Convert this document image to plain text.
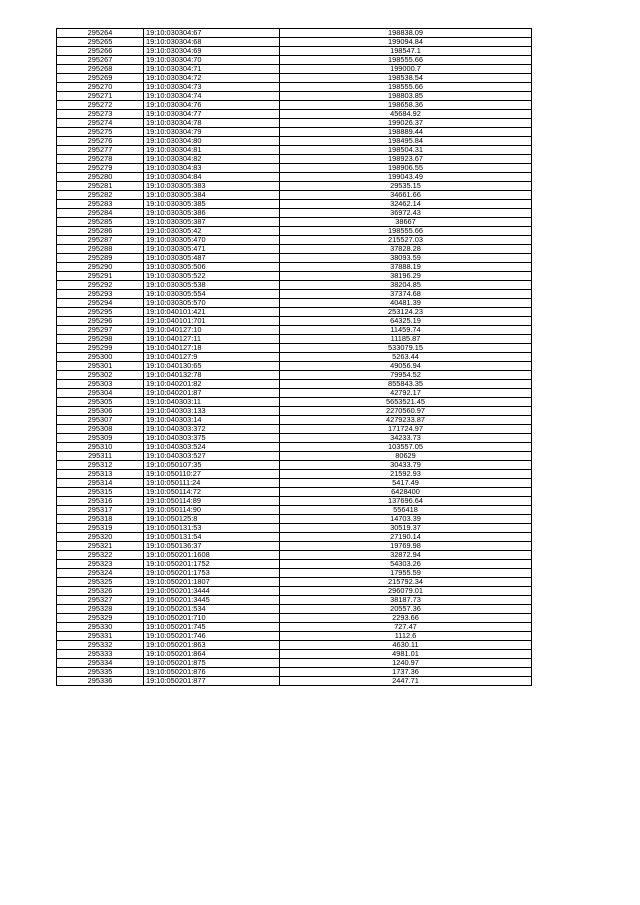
295264	19:10:030304:67	198838.09
295265	19:10:030304:68	199094.84
295266	19:10:030304:69	198547.1
295267	19:10:030304:70	198555.66
295268	19:10:030304:71	199000.7
295269	19:10:030304:72	198538.54
295270	19:10:030304:73	198555.66
295271	19:10:030304:74	198803.85
295272	19:10:030304:76	198658.36
295273	19:10:030304:77	45684.92
295274	19:10:030304:78	199026.37
295275	19:10:030304:79	198889.44
295276	19:10:030304:80	198495.84
295277	19:10:030304:81	198504.31
295278	19:10:030304:82	198923.67
295279	19:10:030304:83	198906.55
295280	19:10:030304:84	199043.49
295281	19:10:030305:383	29535.15
295282	19:10:030305:384	34661.66
295283	19:10:030305:385	32462.14
295284	19:10:030305:386	36972.43
295285	19:10:030305:387	38667
295286	19:10:030305:42	198555.66
295287	19:10:030305:470	215527.03
295288	19:10:030305:471	37828.28
295289	19:10:030305:487	38093.59
295290	19:10:030305:506	37888.19
295291	19:10:030305:522	38196.29
295292	19:10:030305:538	38204.85
295293	19:10:030305:554	37374.68
295294	19:10:030305:570	40481.39
295295	19:10:040101:421	253124.23
295296	19:10:040101:701	64325.19
295297	19:10:040127:10	11459.74
295298	19:10:040127:11	11185.87
295299	19:10:040127:18	533079.15
295300	19:10:040127:9	5263.44
295301	19:10:040130:65	49056.94
295302	19:10:040132:78	79954.52
295303	19:10:040201:82	855843.35
295304	19:10:040201:87	42792.17
295305	19:10:040303:11	5653521.45
295306	19:10:040303:133	2270560.97
295307	19:10:040303:14	4279233.87
295308	19:10:040303:372	171724.97
295309	19:10:040303:375	34233.73
295310	19:10:040303:524	103557.05
295311	19:10:040303:527	80629
295312	19:10:050107:35	30433.79
295313	19:10:050110:27	21592.93
295314	19:10:050111:24	5417.49
295315	19:10:050114:72	6428400
295316	19:10:050114:89	137696.64
295317	19:10:050114:90	556418
295318	19:10:050125:8	14703.39
295319	19:10:050131:53	30519.37
295320	19:10:050131:54	27190.14
295321	19:10:050136:37	19769.98
295322	19:10:050201:1608	32872.94
295323	19:10:050201:1752	54303.26
295324	19:10:050201:1753	17955.59
295325	19:10:050201:1807	215792.34
295326	19:10:050201:3444	296079.01
295327	19:10:050201:3445	38187.73
295328	19:10:050201:534	20557.36
295329	19:10:050201:710	2293.66
295330	19:10:050201:745	727.47
295331	19:10:050201:746	1112.6
295332	19:10:050201:863	4630.11
295333	19:10:050201:864	4981.01
295334	19:10:050201:875	1240.97
295335	19:10:050201:876	1737.36
295336	19:10:050201:877	2447.71
